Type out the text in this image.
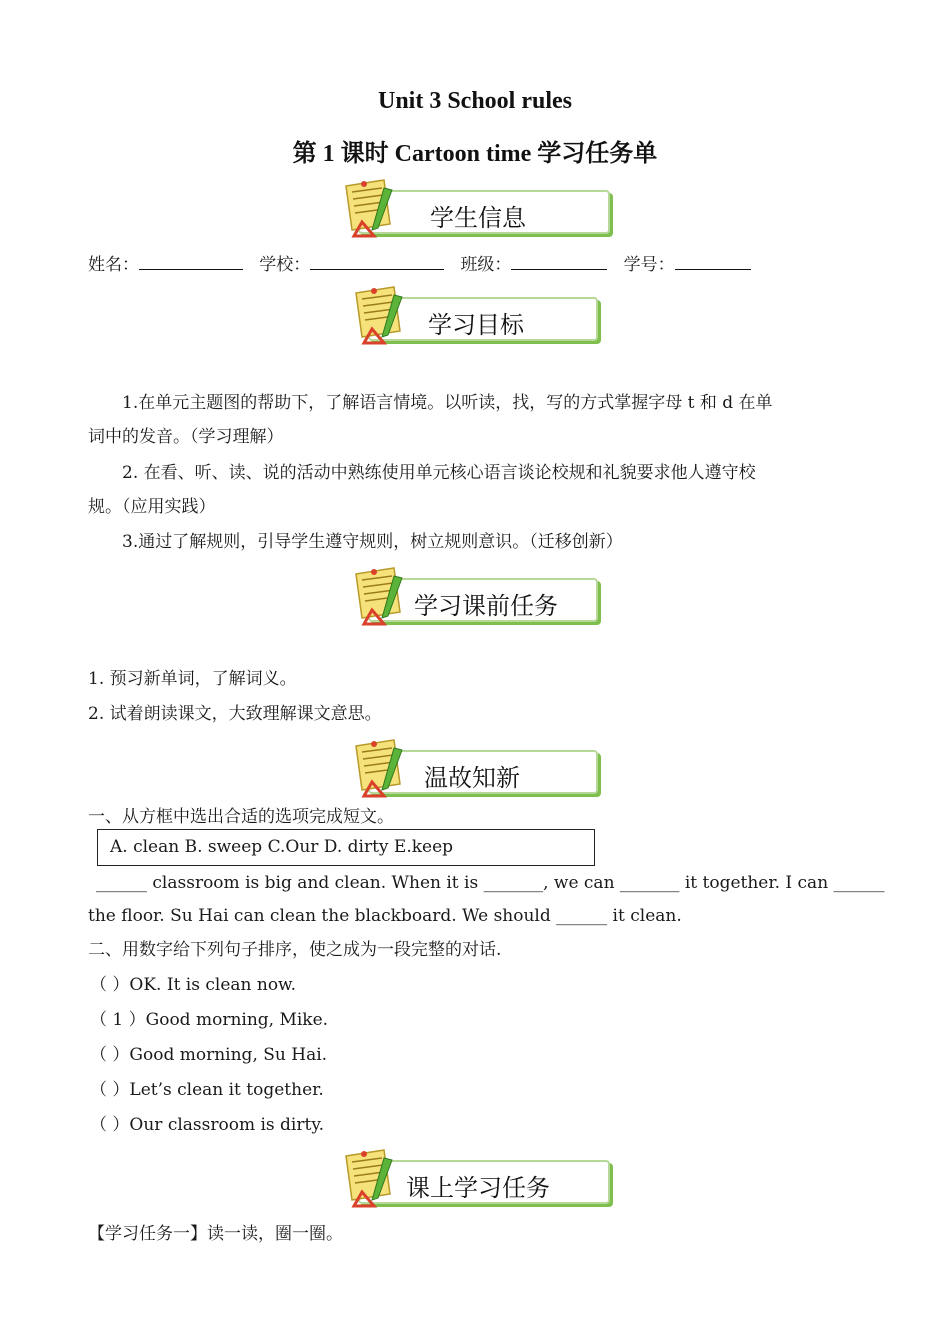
Unit 3 School rules
第 1 课时 Cartoon time 学习任务单
学生信息
姓名：	学校：	班级：	学号：
学习目标
1.在单元主题图的帮助下，了解语言情境。以听读，找，写的方式掌握字母 t 和 d 在单
词中的发音。（学习理解）
2. 在看、听、读、说的活动中熟练使用单元核心语言谈论校规和礼貌要求他人遵守校
规。（应用实践）
3.通过了解规则，引导学生遵守规则，树立规则意识。（迁移创新）
学习课前任务
1. 预习新单词，了解词义。
2. 试着朗读课文，大致理解课文意思。
温故知新
一、从方框中选出合适的选项完成短文。
A. clean B. sweep C.Our D. dirty E.keep
______ classroom is big and clean. When it is _______, we can _______ it together. I can ______
the floor. Su Hai can clean the blackboard. We should ______ it clean.
二、用数字给下列句子排序，使之成为一段完整的对话.
（ ）OK. It is clean now.
（ 1 ）Good morning, Mike.
（ ）Good morning, Su Hai.
（ ）Let’s clean it together.
（ ）Our classroom is dirty.
课上学习任务
【学习任务一】读一读，圈一圈。
